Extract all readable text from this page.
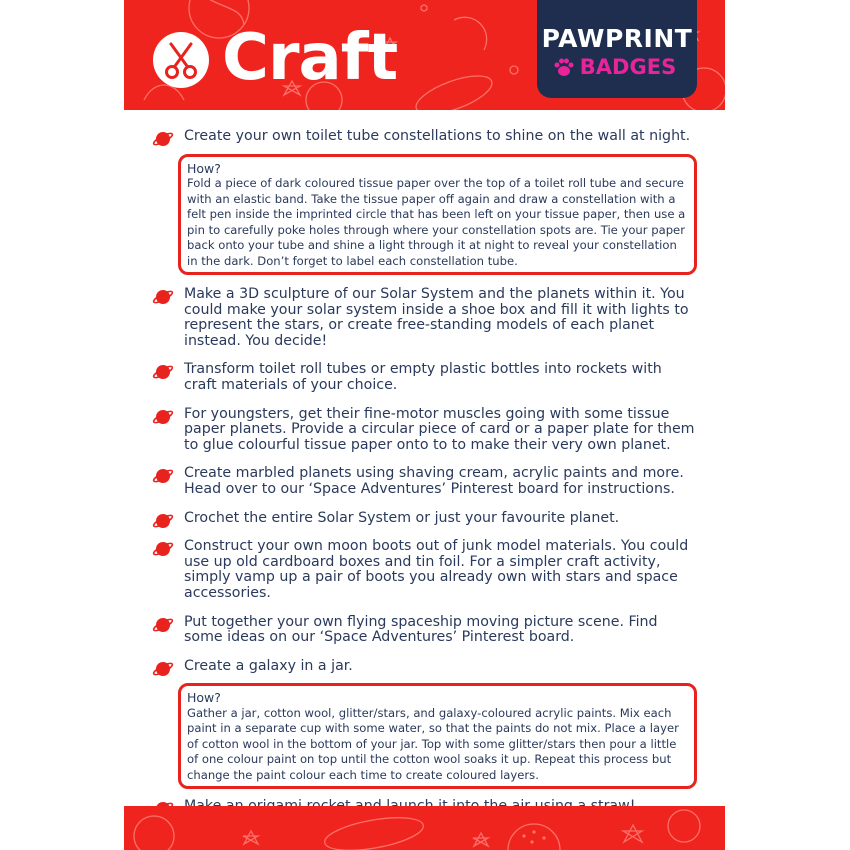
Craft	PAWPRINT
BADGES
Create your own toilet tube constellations to shine on the wall at night.
How?
Fold a piece of dark coloured tissue paper over the top of a toilet roll tube and secure with an elastic band. Take the tissue paper off again and draw a constellation with a felt pen inside the imprinted circle that has been left on your tissue paper, then use a pin to carefully poke holes through where your constellation spots are. Tie your paper back onto your tube and shine a light through it at night to reveal your constellation in the dark. Don’t forget to label each constellation tube.
Make a 3D sculpture of our Solar System and the planets within it. You could make your solar system inside a shoe box and fill it with lights to represent the stars, or create free-standing models of each planet instead. You decide!
Transform toilet roll tubes or empty plastic bottles into rockets with craft materials of your choice.
For youngsters, get their fine-motor muscles going with some tissue paper planets. Provide a circular piece of card or a paper plate for them to glue colourful tissue paper onto to to make their very own planet.
Create marbled planets using shaving cream, acrylic paints and more. Head over to our ‘Space Adventures’ Pinterest board for instructions.
Crochet the entire Solar System or just your favourite planet.
Construct your own moon boots out of junk model materials. You could use up old cardboard boxes and tin foil. For a simpler craft activity, simply vamp up a pair of boots you already own with stars and space accessories.
Put together your own flying spaceship moving picture scene. Find some ideas on our ‘Space Adventures’ Pinterest board.
Create a galaxy in a jar.
How?
Gather a jar, cotton wool, glitter/stars, and galaxy-coloured acrylic paints. Mix each paint in a separate cup with some water, so that the paints do not mix. Place a layer of cotton wool in the bottom of your jar. Top with some glitter/stars then pour a little of one colour paint on top until the cotton wool soaks it up. Repeat this process but change the paint colour each time to create coloured layers.
